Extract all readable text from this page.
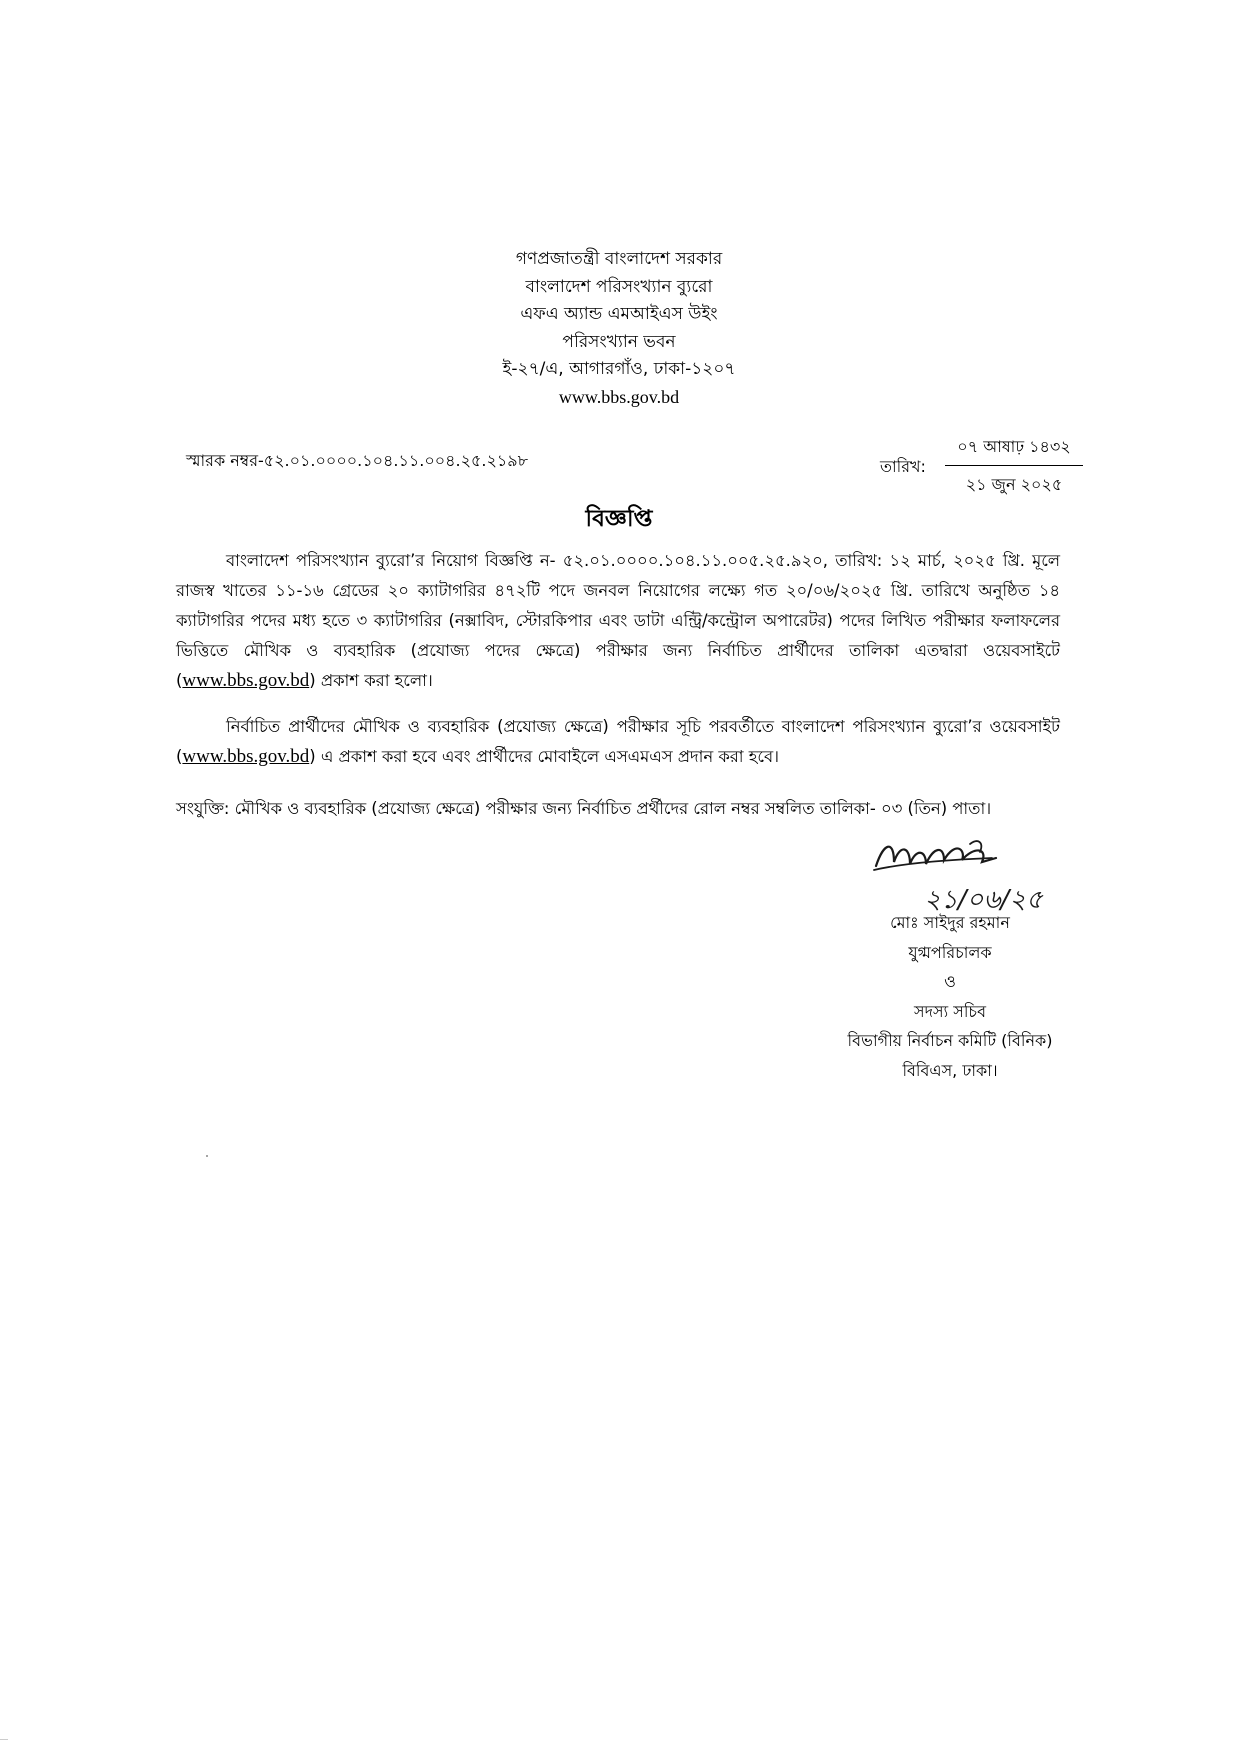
গণপ্রজাতন্ত্রী বাংলাদেশ সরকার
বাংলাদেশ পরিসংখ্যান ব্যুরো
এফএ অ্যান্ড এমআইএস উইং
পরিসংখ্যান ভবন
ই-২৭/এ, আগারগাঁও, ঢাকা-১২০৭
www.bbs.gov.bd
স্মারক নম্বর-৫২.০১.০০০০.১০৪.১১.০০৪.২৫.২১৯৮	তারিখ:
০৭ আষাঢ় ১৪৩২
২১ জুন ২০২৫
বিজ্ঞপ্তি
বাংলাদেশ পরিসংখ্যান ব্যুরো’র নিয়োগ বিজ্ঞপ্তি ন- ৫২.০১.০০০০.১০৪.১১.০০৫.২৫.৯২০, তারিখ: ১২ মার্চ, ২০২৫ খ্রি. মূলে রাজস্ব খাতের ১১-১৬ গ্রেডের ২০ ক্যাটাগরির ৪৭২টি পদে জনবল নিয়োগের লক্ষ্যে গত ২০/০৬/২০২৫ খ্রি. তারিখে অনুষ্ঠিত ১৪ ক্যাটাগরির পদের মধ্য হতে ৩ ক্যাটাগরির (নক্সাবিদ, স্টোরকিপার এবং ডাটা এন্ট্রি/কন্ট্রোল অপারেটর) পদের লিখিত পরীক্ষার ফলাফলের ভিত্তিতে মৌখিক ও ব্যবহারিক (প্রযোজ্য পদের ক্ষেত্রে) পরীক্ষার জন্য নির্বাচিত প্রার্থীদের তালিকা এতদ্বারা ওয়েবসাইটে (www.bbs.gov.bd) প্রকাশ করা হলো।
নির্বাচিত প্রার্থীদের মৌখিক ও ব্যবহারিক (প্রযোজ্য ক্ষেত্রে) পরীক্ষার সূচি পরবর্তীতে বাংলাদেশ পরিসংখ্যান ব্যুরো’র ওয়েবসাইট (www.bbs.gov.bd) এ প্রকাশ করা হবে এবং প্রার্থীদের মোবাইলে এসএমএস প্রদান করা হবে।
সংযুক্তি: মৌখিক ও ব্যবহারিক (প্রযোজ্য ক্ষেত্রে) পরীক্ষার জন্য নির্বাচিত প্রর্থীদের রোল নম্বর সম্বলিত তালিকা- ০৩ (তিন) পাতা।
২১/০৬/২৫
মোঃ সাইদুর রহমান
যুগ্মপরিচালক
ও
সদস্য সচিব
বিভাগীয় নির্বাচন কমিটি (বিনিক)
বিবিএস, ঢাকা।
